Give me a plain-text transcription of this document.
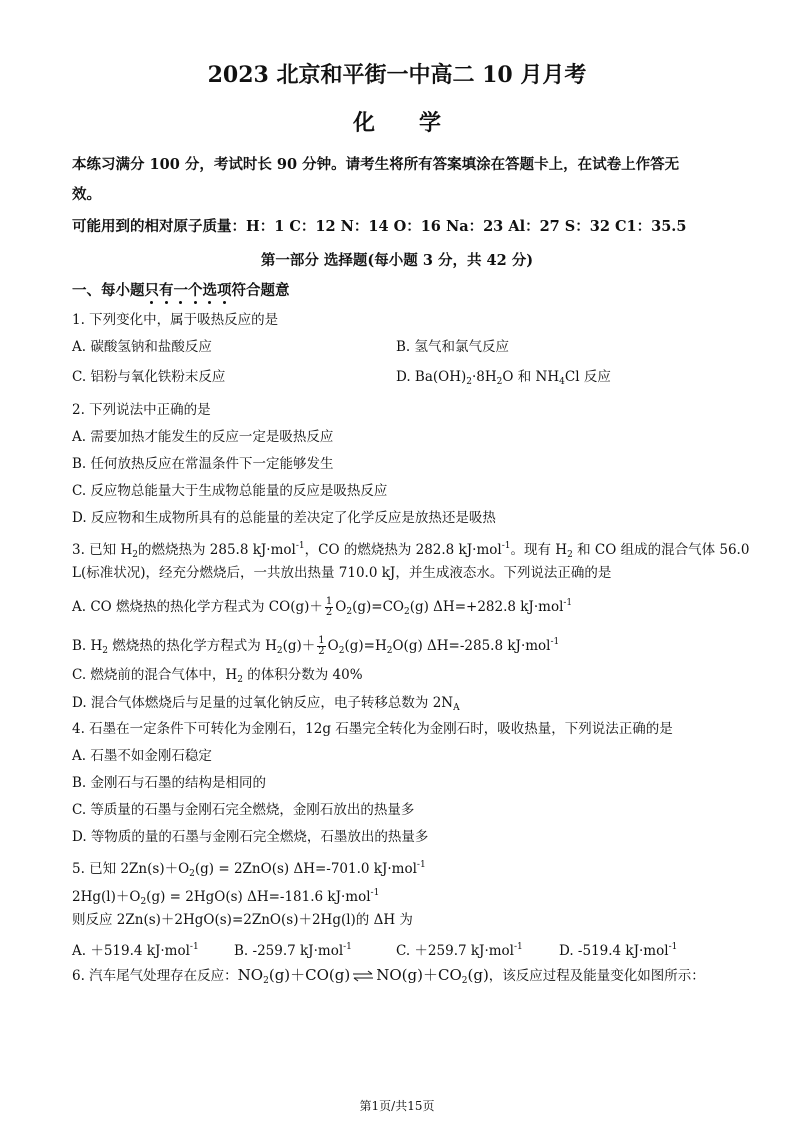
2023 北京和平街一中高二 10 月月考
化 学
本练习满分 100 分，考试时长 90 分钟。请考生将所有答案填涂在答题卡上，在试卷上作答无
效。
可能用到的相对原子质量：H：1 C：12 N：14 O：16 Na：23 Al：27 S：32 C1：35.5
第一部分 选择题(每小题 3 分，共 42 分)
一、每小题只有一个选项符合题意
1. 下列变化中，属于吸热反应的是
A. 碳酸氢钠和盐酸反应	B. 氢气和氯气反应
C. 铝粉与氧化铁粉末反应	D. $Ba(OH)_2\cdot 8H_2O$ 和 $NH_4Cl$ 反应
2. 下列说法中正确的是
A. 需要加热才能发生的反应一定是吸热反应
B. 任何放热反应在常温条件下一定能够发生
C. 反应物总能量大于生成物总能量的反应是吸热反应
D. 反应物和生成物所具有的总能量的差决定了化学反应是放热还是吸热
3. 已知 $H_2$的燃烧热为 285.8 kJ·mol$^{-1}$，CO 的燃烧热为 282.8 kJ·mol$^{-1}$。现有 $H_2$ 和 CO 组成的混合气体 56.0
L(标准状况)，经充分燃烧后，一共放出热量 710.0 kJ，并生成液态水。下列说法正确的是
A. CO 燃烧热的热化学方程式为 $CO(g)+ \frac{1}{2} O_2(g)=CO_2(g)$ ΔH=+282.8 kJ·mol$^{-1}$
B. $H_2$ 燃烧热的热化学方程式为 $H_2(g)+ \frac{1}{2} O_2(g)=H_2O(g)$ ΔH=-285.8 kJ·mol$^{-1}$
C. 燃烧前的混合气体中，$H_2$ 的体积分数为 40%
D. 混合气体燃烧后与足量的过氧化钠反应，电子转移总数为 $2N_A$
4. 石墨在一定条件下可转化为金刚石，12g 石墨完全转化为金刚石时，吸收热量，下列说法正确的是
A. 石墨不如金刚石稳定
B. 金刚石与石墨的结构是相同的
C. 等质量的石墨与金刚石完全燃烧，金刚石放出的热量多
D. 等物质的量的石墨与金刚石完全燃烧，石墨放出的热量多
5. 已知 $2Zn(s)+O_2(g) = 2ZnO(s)$ ΔH=-701.0 kJ·mol$^{-1}$
$2Hg(l)+O_2(g) = 2HgO(s)$ ΔH=-181.6 kJ·mol$^{-1}$
则反应 2Zn(s)＋2HgO(s)=2ZnO(s)＋2Hg(l)的 ΔH 为
A. ＋519.4 kJ·mol$^{-1}$	B. -259.7 kJ·mol$^{-1}$	C. ＋259.7 kJ·mol$^{-1}$	D. -519.4 kJ·mol$^{-1}$
6. 汽车尾气处理存在反应：$NO_2(g)+CO(g)$ ⇌ $NO(g)+CO_2(g)$，该反应过程及能量变化如图所示：
第1页/共15页
